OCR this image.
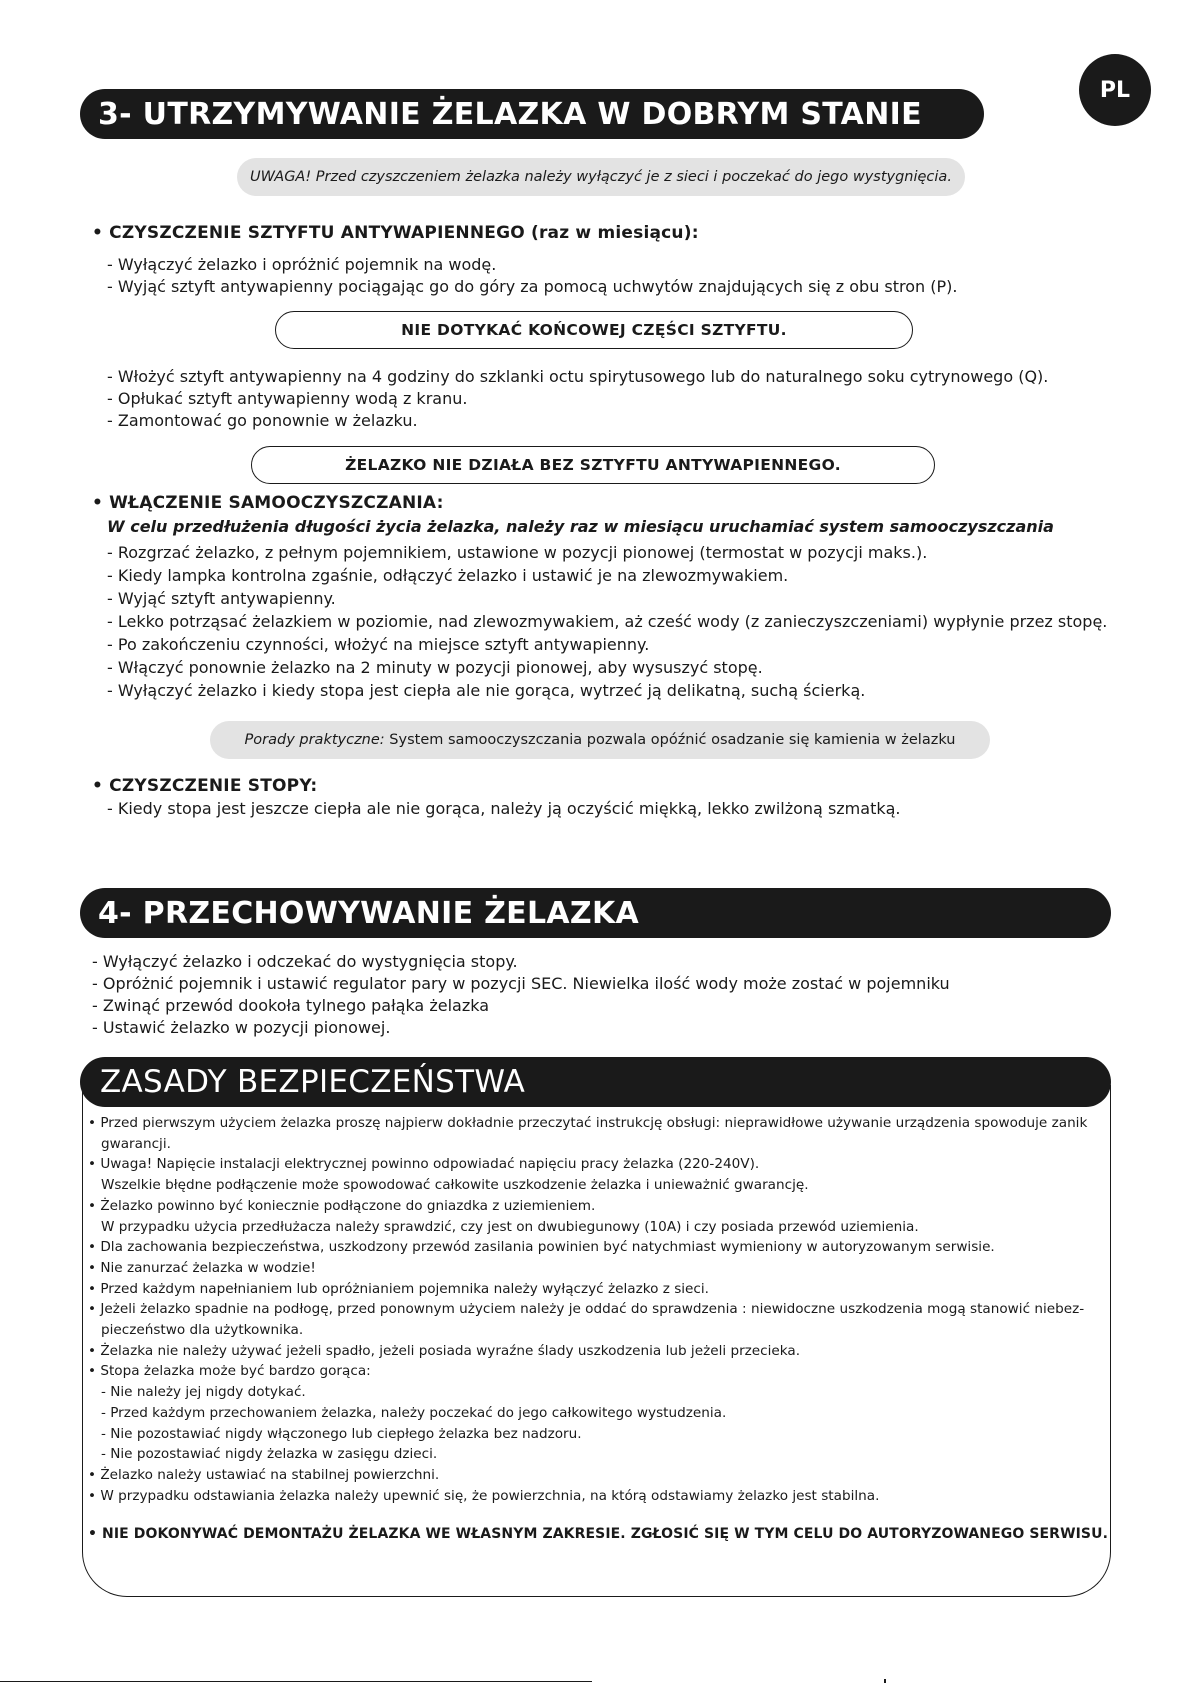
PL
3- UTRZYMYWANIE ŻELAZKA W DOBRYM STANIE
UWAGA! Przed czyszczeniem żelazka należy wyłączyć je z sieci i poczekać do jego wystygnięcia.
• CZYSZCZENIE SZTYFTU ANTYWAPIENNEGO (raz w miesiącu):
- Wyłączyć żelazko i opróżnić pojemnik na wodę.
- Wyjąć sztyft antywapienny pociągając go do góry za pomocą uchwytów znajdujących się z obu stron (P).
NIE DOTYKAĆ KOŃCOWEJ CZĘŚCI SZTYFTU.
- Włożyć sztyft antywapienny na 4 godziny do szklanki octu spirytusowego lub do naturalnego soku cytrynowego (Q).
- Opłukać sztyft antywapienny wodą z kranu.
- Zamontować go ponownie w żelazku.
ŻELAZKO NIE DZIAŁA BEZ SZTYFTU ANTYWAPIENNEGO.
• WŁĄCZENIE SAMOOCZYSZCZANIA:
W celu przedłużenia długości życia żelazka, należy raz w miesiącu uruchamiać system samooczyszczania
- Rozgrzać żelazko, z pełnym pojemnikiem, ustawione w pozycji pionowej (termostat w pozycji maks.).
- Kiedy lampka kontrolna zgaśnie, odłączyć żelazko i ustawić je na zlewozmywakiem.
- Wyjąć sztyft antywapienny.
- Lekko potrząsać żelazkiem w poziomie, nad zlewozmywakiem, aż cześć wody (z zanieczyszczeniami) wypłynie przez stopę.
- Po zakończeniu czynności, włożyć na miejsce sztyft antywapienny.
- Włączyć ponownie żelazko na 2 minuty w pozycji pionowej, aby wysuszyć stopę.
- Wyłączyć żelazko i kiedy stopa jest ciepła ale nie gorąca, wytrzeć ją delikatną, suchą ścierką.
Porady praktyczne: System samooczyszczania pozwala opóźnić osadzanie się kamienia w żelazku
• CZYSZCZENIE STOPY:
- Kiedy stopa jest jeszcze ciepła ale nie gorąca, należy ją oczyścić miękką, lekko zwilżoną szmatką.
4- PRZECHOWYWANIE ŻELAZKA
- Wyłączyć żelazko i odczekać do wystygnięcia stopy.
- Opróżnić pojemnik i ustawić regulator pary w pozycji SEC. Niewielka ilość wody może zostać w pojemniku
- Zwinąć przewód dookoła tylnego pałąka żelazka
- Ustawić żelazko w pozycji pionowej.
ZASADY BEZPIECZEŃSTWA
• Przed pierwszym użyciem żelazka proszę najpierw dokładnie przeczytać instrukcję obsługi: nieprawidłowe używanie urządzenia spowoduje zanik
gwarancji.
• Uwaga! Napięcie instalacji elektrycznej powinno odpowiadać napięciu pracy żelazka (220-240V).
Wszelkie błędne podłączenie może spowodować całkowite uszkodzenie żelazka i unieważnić gwarancję.
• Żelazko powinno być koniecznie podłączone do gniazdka z uziemieniem.
W przypadku użycia przedłużacza należy sprawdzić, czy jest on dwubiegunowy (10A) i czy posiada przewód uziemienia.
• Dla zachowania bezpieczeństwa, uszkodzony przewód zasilania powinien być natychmiast wymieniony w autoryzowanym serwisie.
• Nie zanurzać żelazka w wodzie!
• Przed każdym napełnianiem lub opróżnianiem pojemnika należy wyłączyć żelazko z sieci.
• Jeżeli żelazko spadnie na podłogę, przed ponownym użyciem należy je oddać do sprawdzenia : niewidoczne uszkodzenia mogą stanowić niebez-
pieczeństwo dla użytkownika.
• Żelazka nie należy używać jeżeli spadło, jeżeli posiada wyraźne ślady uszkodzenia lub jeżeli przecieka.
• Stopa żelazka może być bardzo gorąca:
- Nie należy jej nigdy dotykać.
- Przed każdym przechowaniem żelazka, należy poczekać do jego całkowitego wystudzenia.
- Nie pozostawiać nigdy włączonego lub ciepłego żelazka bez nadzoru.
- Nie pozostawiać nigdy żelazka w zasięgu dzieci.
• Żelazko należy ustawiać na stabilnej powierzchni.
• W przypadku odstawiania żelazka należy upewnić się, że powierzchnia, na którą odstawiamy żelazko jest stabilna.
• NIE DOKONYWAĆ DEMONTAŻU ŻELAZKA WE WŁASNYM ZAKRESIE. ZGŁOSIĆ SIĘ W TYM CELU DO AUTORYZOWANEGO SERWISU.
